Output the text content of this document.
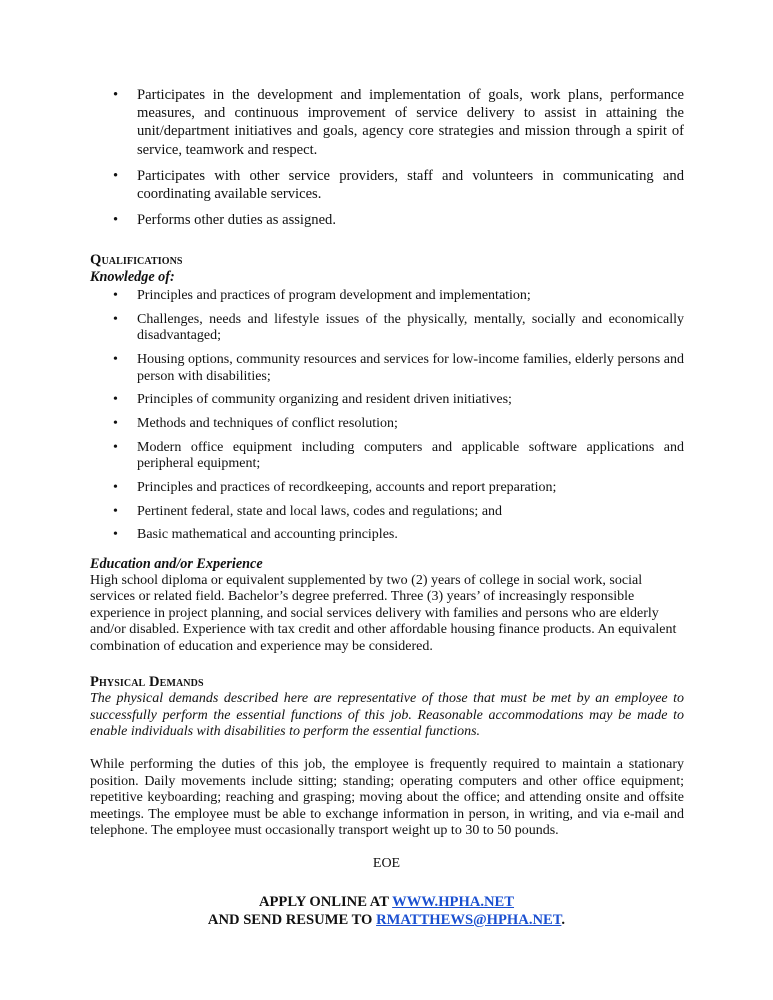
• Participates in the development and implementation of goals, work plans, performance measures, and continuous improvement of service delivery to assist in attaining the unit/department initiatives and goals, agency core strategies and mission through a spirit of service, teamwork and respect.
• Participates with other service providers, staff and volunteers in communicating and coordinating available services.
• Performs other duties as assigned.
Qualifications
Knowledge of:
• Principles and practices of program development and implementation;
• Challenges, needs and lifestyle issues of the physically, mentally, socially and economically disadvantaged;
• Housing options, community resources and services for low-income families, elderly persons and person with disabilities;
• Principles of community organizing and resident driven initiatives;
• Methods and techniques of conflict resolution;
• Modern office equipment including computers and applicable software applications and peripheral equipment;
• Principles and practices of recordkeeping, accounts and report preparation;
• Pertinent federal, state and local laws, codes and regulations; and
• Basic mathematical and accounting principles.
Education and/or Experience
High school diploma or equivalent supplemented by two (2) years of college in social work, social services or related field. Bachelor’s degree preferred. Three (3) years’ of increasingly responsible experience in project planning, and social services delivery with families and persons who are elderly and/or disabled. Experience with tax credit and other affordable housing finance products. An equivalent combination of education and experience may be considered.
Physical Demands
The physical demands described here are representative of those that must be met by an employee to successfully perform the essential functions of this job. Reasonable accommodations may be made to enable individuals with disabilities to perform the essential functions.
While performing the duties of this job, the employee is frequently required to maintain a stationary position. Daily movements include sitting; standing; operating computers and other office equipment; repetitive keyboarding; reaching and grasping; moving about the office; and attending onsite and offsite meetings. The employee must be able to exchange information in person, in writing, and via e-mail and telephone. The employee must occasionally transport weight up to 30 to 50 pounds.
EOE
APPLY ONLINE AT WWW.HPHA.NET
AND SEND RESUME TO RMATTHEWS@HPHA.NET.
